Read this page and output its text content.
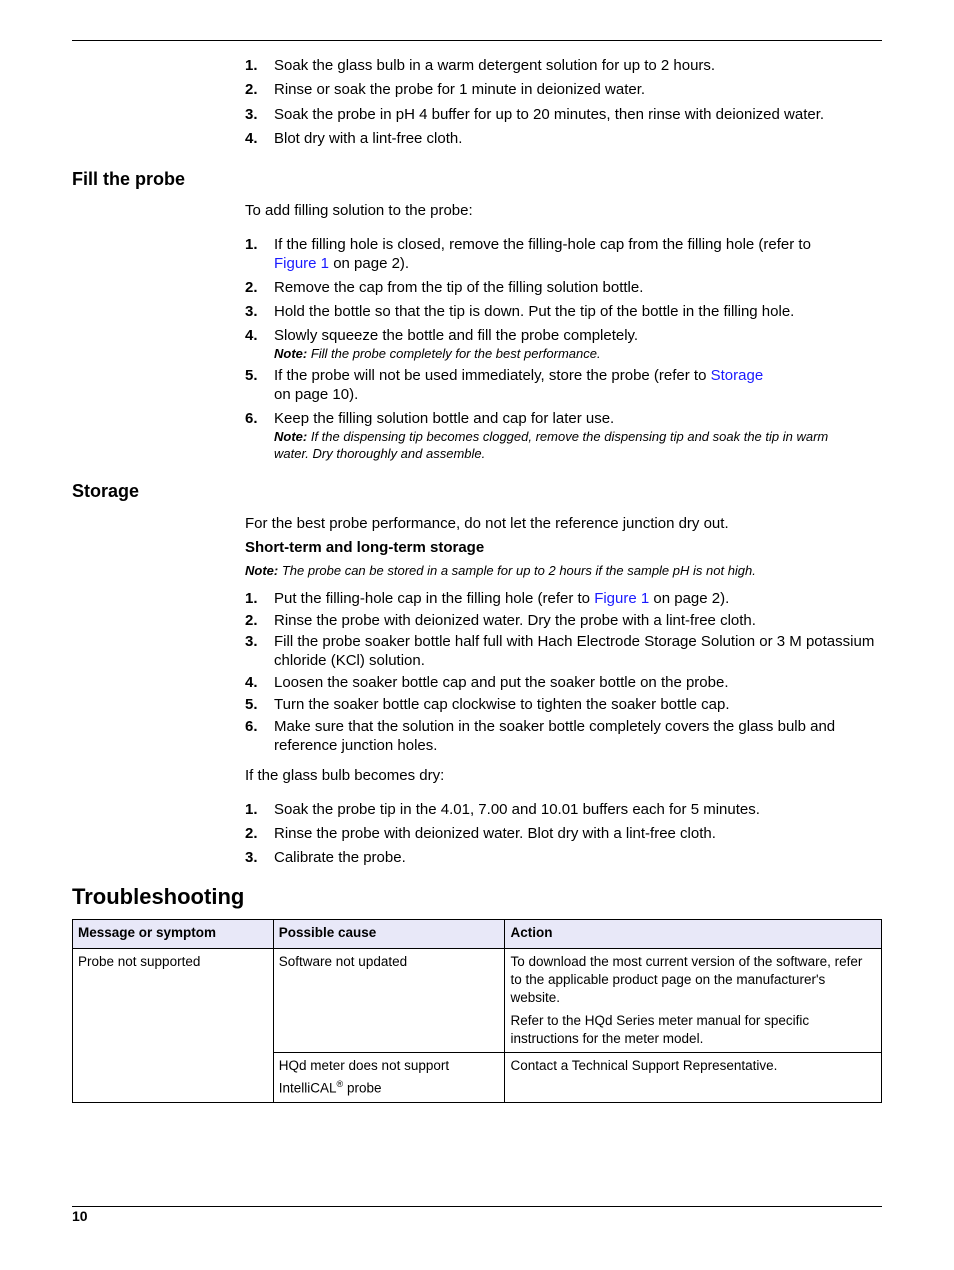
1. Soak the glass bulb in a warm detergent solution for up to 2 hours.
2. Rinse or soak the probe for 1 minute in deionized water.
3. Soak the probe in pH 4 buffer for up to 20 minutes, then rinse with deionized water.
4. Blot dry with a lint-free cloth.
Fill the probe
To add filling solution to the probe:
1. If the filling hole is closed, remove the filling-hole cap from the filling hole (refer to
Figure 1 on page 2).
2. Remove the cap from the tip of the filling solution bottle.
3. Hold the bottle so that the tip is down. Put the tip of the bottle in the filling hole.
4. Slowly squeeze the bottle and fill the probe completely.
Note: Fill the probe completely for the best performance.
5. If the probe will not be used immediately, store the probe (refer to Storage
on page 10).
6. Keep the filling solution bottle and cap for later use.
Note: If the dispensing tip becomes clogged, remove the dispensing tip and soak the tip in warm water. Dry thoroughly and assemble.
Storage
For the best probe performance, do not let the reference junction dry out.
Short-term and long-term storage
Note: The probe can be stored in a sample for up to 2 hours if the sample pH is not high.
1. Put the filling-hole cap in the filling hole (refer to Figure 1 on page 2).
2. Rinse the probe with deionized water. Dry the probe with a lint-free cloth.
3. Fill the probe soaker bottle half full with Hach Electrode Storage Solution or 3 M potassium chloride (KCl) solution.
4. Loosen the soaker bottle cap and put the soaker bottle on the probe.
5. Turn the soaker bottle cap clockwise to tighten the soaker bottle cap.
6. Make sure that the solution in the soaker bottle completely covers the glass bulb and reference junction holes.
If the glass bulb becomes dry:
1. Soak the probe tip in the 4.01, 7.00 and 10.01 buffers each for 5 minutes.
2. Rinse the probe with deionized water. Blot dry with a lint-free cloth.
3. Calibrate the probe.
Troubleshooting
Message or symptom	Possible cause	Action
Probe not supported	Software not updated	To download the most current version of the software, refer to the applicable product page on the manufacturer's website.

Refer to the HQd Series meter manual for specific instructions for the meter model.

	HQd meter does not support IntelliCAL® probe	Contact a Technical Support Representative.
10
